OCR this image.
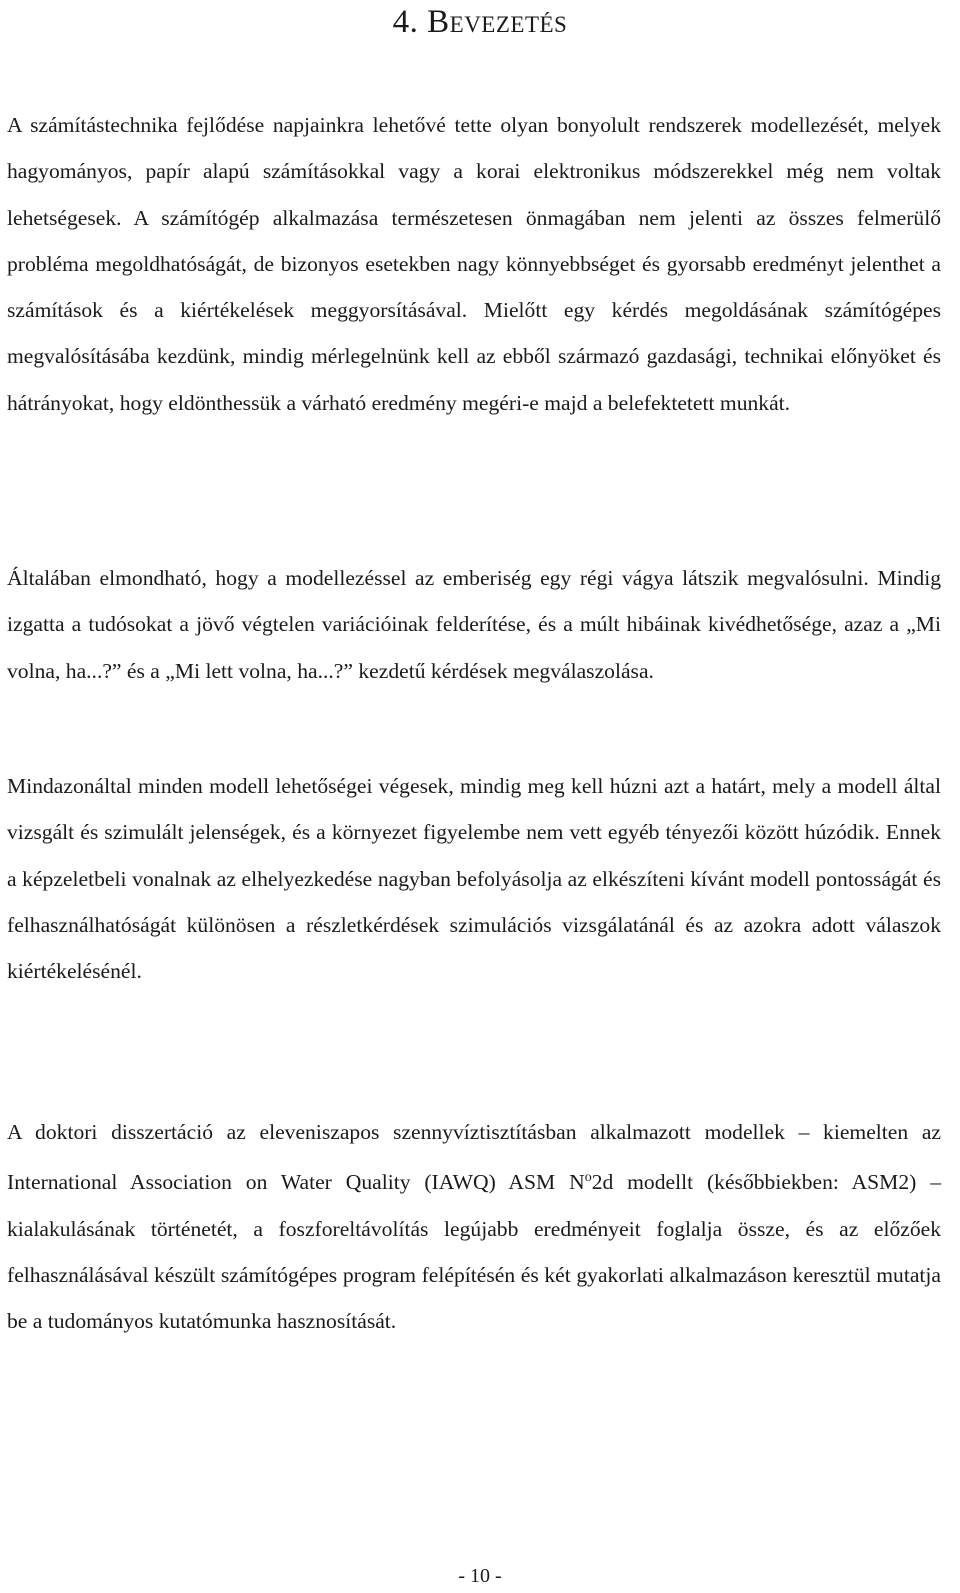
4. Bevezetés

A számítástechnika fejlődése napjainkra lehetővé tette olyan bonyolult rendszerek modellezését, melyek hagyományos, papír alapú számításokkal vagy a korai elektronikus módszerekkel még nem voltak lehetségesek. A számítógép alkalmazása természetesen önmagában nem jelenti az összes felmerülő probléma megoldhatóságát, de bizonyos esetekben nagy könnyebbséget és gyorsabb eredményt jelenthet a számítások és a kiértékelések meggyorsításával. Mielőtt egy kérdés megoldásának számítógépes megvalósításába kezdünk, mindig mérlegelnünk kell az ebből származó gazdasági, technikai előnyöket és hátrányokat, hogy eldönthessük a várható eredmény megéri-e majd a belefektetett munkát.

Általában elmondható, hogy a modellezéssel az emberiség egy régi vágya látszik megvalósulni. Mindig izgatta a tudósokat a jövő végtelen variációinak felderítése, és a múlt hibáinak kivédhetősége, azaz a „Mi volna, ha...?” és a „Mi lett volna, ha...?” kezdetű kérdések megválaszolása.

Mindazonáltal minden modell lehetőségei végesek, mindig meg kell húzni azt a határt, mely a modell által vizsgált és szimulált jelenségek, és a környezet figyelembe nem vett egyéb tényezői között húzódik. Ennek a képzeletbeli vonalnak az elhelyezkedése nagyban befolyásolja az elkészíteni kívánt modell pontosságát és felhasználhatóságát különösen a részletkérdések szimulációs vizsgálatánál és az azokra adott válaszok kiértékelésénél.

A doktori disszertáció az eleveniszapos szennyvíztisztításban alkalmazott modellek – kiemelten az International Association on Water Quality (IAWQ) ASM $N^o2d$ modellt (későbbiekben: ASM2) – kialakulásának történetét, a foszforeltávolítás legújabb eredményeit foglalja össze, és az előzőek felhasználásával készült számítógépes program felépítésén és két gyakorlati alkalmazáson keresztül mutatja be a tudományos kutatómunka hasznosítását.

- 10 -
